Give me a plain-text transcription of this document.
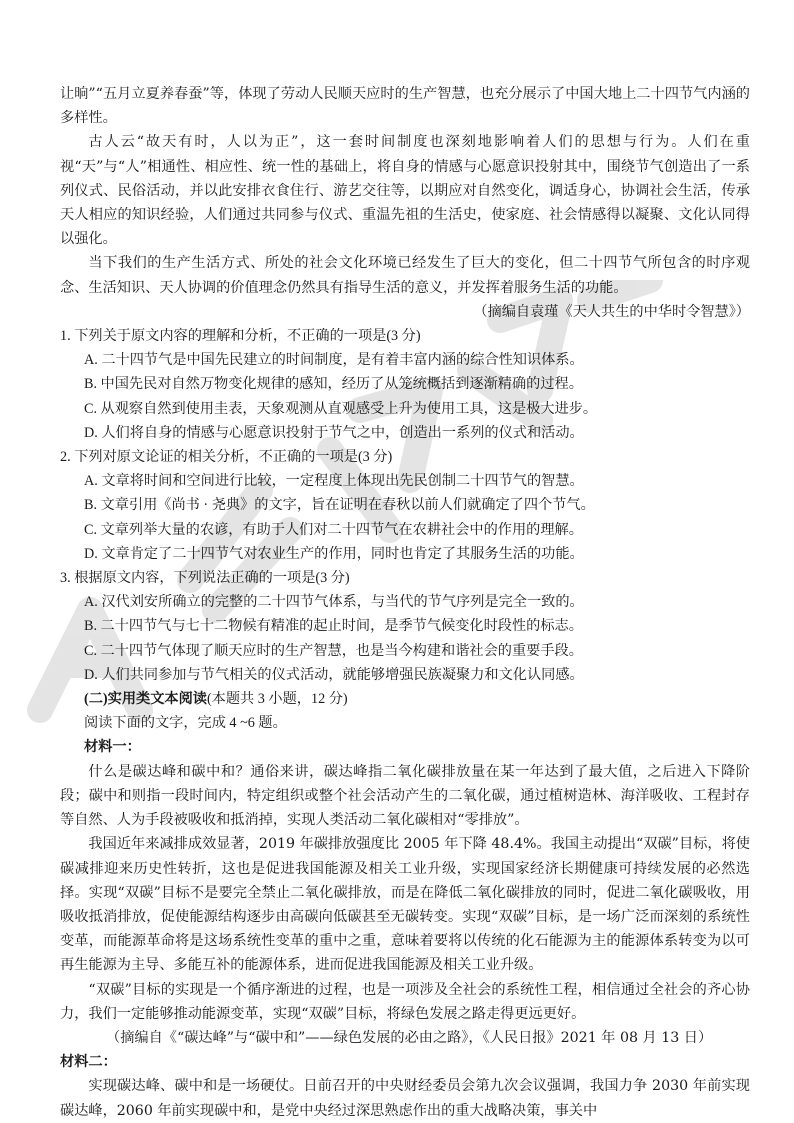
让晌”“五月立夏养春蚕”等，体现了劳动人民顺天应时的生产智慧，也充分展示了中国大地上二十四节气内涵的多样性。

古人云“故天有时，人以为正”，这一套时间制度也深刻地影响着人们的思想与行为。人们在重视“天”与“人”相通性、相应性、统一性的基础上，将自身的情感与心愿意识投射其中，围绕节气创造出了一系列仪式、民俗活动，并以此安排衣食住行、游艺交往等，以期应对自然变化，调适身心，协调社会生活，传承天人相应的知识经验，人们通过共同参与仪式、重温先祖的生活史，使家庭、社会情感得以凝聚、文化认同得以强化。

当下我们的生产生活方式、所处的社会文化环境已经发生了巨大的变化，但二十四节气所包含的时序观念、生活知识、天人协调的价值理念仍然具有指导生活的意义，并发挥着服务生活的功能。

（摘编自袁瑾《天人共生的中华时令智慧》）

1. 下列关于原文内容的理解和分析，不正确的一项是(3 分)

A. 二十四节气是中国先民建立的时间制度，是有着丰富内涵的综合性知识体系。

B. 中国先民对自然万物变化规律的感知，经历了从笼统概括到逐渐精确的过程。

C. 从观察自然到使用圭表，天象观测从直观感受上升为使用工具，这是极大进步。

D. 人们将自身的情感与心愿意识投射于节气之中，创造出一系列的仪式和活动。

2. 下列对原文论证的相关分析，不正确的一项是(3 分)

A. 文章将时间和空间进行比较，一定程度上体现出先民创制二十四节气的智慧。

B. 文章引用《尚书 · 尧典》的文字，旨在证明在春秋以前人们就确定了四个节气。

C. 文章列举大量的农谚，有助于人们对二十四节气在农耕社会中的作用的理解。

D. 文章肯定了二十四节气对农业生产的作用，同时也肯定了其服务生活的功能。

3. 根据原文内容，下列说法正确的一项是(3 分)

A. 汉代刘安所确立的完整的二十四节气体系，与当代的节气序列是完全一致的。

B. 二十四节气与七十二物候有精准的起止时间，是季节气候变化时段性的标志。

C. 二十四节气体现了顺天应时的生产智慧，也是当今构建和谐社会的重要手段。

D. 人们共同参加与节气相关的仪式活动，就能够增强民族凝聚力和文化认同感。

(二)实用类文本阅读(本题共 3 小题，12 分)

阅读下面的文字，完成 4 ~6 题。

材料一：

什么是碳达峰和碳中和？通俗来讲，碳达峰指二氧化碳排放量在某一年达到了最大值，之后进入下降阶段；碳中和则指一段时间内，特定组织或整个社会活动产生的二氧化碳，通过植树造林、海洋吸收、工程封存等自然、人为手段被吸收和抵消掉，实现人类活动二氧化碳相对“零排放”。

我国近年来减排成效显著，2019 年碳排放强度比 2005 年下降 48.4%。我国主动提出“双碳”目标，将使碳减排迎来历史性转折，这也是促进我国能源及相关工业升级，实现国家经济长期健康可持续发展的必然选择。实现“双碳”目标不是要完全禁止二氧化碳排放，而是在降低二氧化碳排放的同时，促进二氧化碳吸收，用吸收抵消排放，促使能源结构逐步由高碳向低碳甚至无碳转变。实现“双碳”目标，是一场广泛而深刻的系统性变革，而能源革命将是这场系统性变革的重中之重，意味着要将以传统的化石能源为主的能源体系转变为以可再生能源为主导、多能互补的能源体系，进而促进我国能源及相关工业升级。

“双碳”目标的实现是一个循序渐进的过程，也是一项涉及全社会的系统性工程，相信通过全社会的齐心协力，我们一定能够推动能源变革，实现“双碳”目标，将绿色发展之路走得更远更好。

（摘编自《“碳达峰”与“碳中和”——绿色发展的必由之路》，《人民日报》2021 年 08 月 13 日）

材料二：

实现碳达峰、碳中和是一场硬仗。日前召开的中央财经委员会第九次会议强调，我国力争 2030 年前实现碳达峰，2060 年前实现碳中和，是党中央经过深思熟虑作出的重大战略决策，事关中
